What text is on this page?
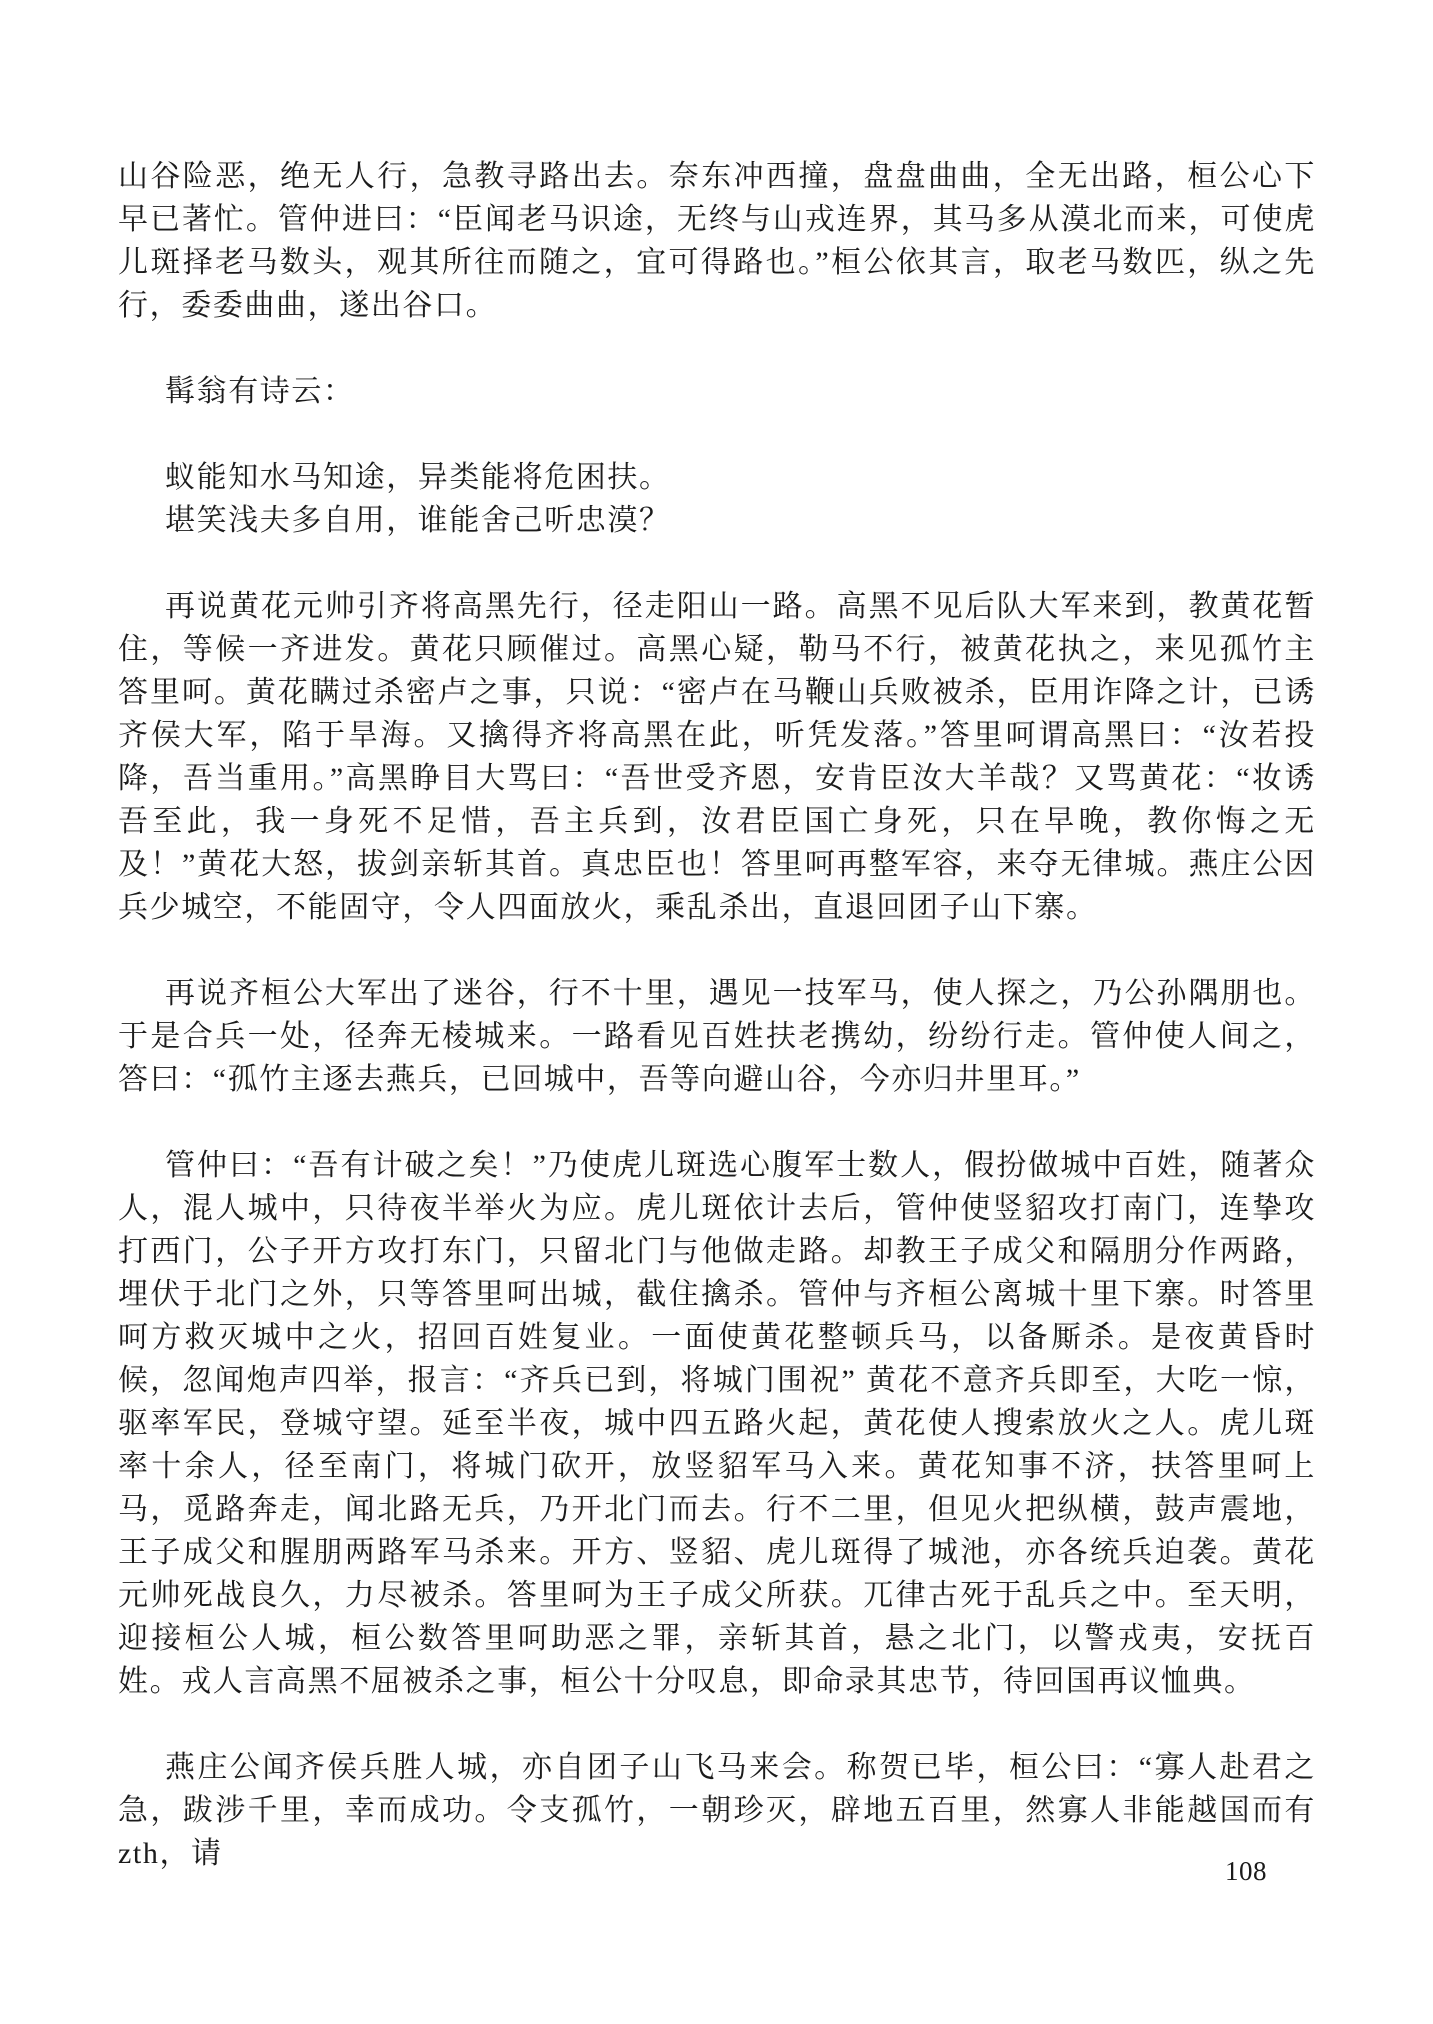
山谷险恶，绝无人行，急教寻路出去。奈东冲西撞，盘盘曲曲，全无出路，桓公心下早已著忙。管仲进曰：“臣闻老马识途，无终与山戎连界，其马多从漠北而来，可使虎儿斑择老马数头，观其所往而随之，宜可得路也。”桓公依其言，取老马数匹，纵之先行，委委曲曲，遂出谷口。

髯翁有诗云：

蚁能知水马知途，异类能将危困扶。

堪笑浅夫多自用，谁能舍己听忠漠？

再说黄花元帅引齐将高黑先行，径走阳山一路。高黑不见后队大军来到，教黄花暂住，等候一齐进发。黄花只顾催过。高黑心疑，勒马不行，被黄花执之，来见孤竹主答里呵。黄花瞒过杀密卢之事，只说：“密卢在马鞭山兵败被杀，臣用诈降之计，已诱齐侯大军，陷于旱海。又擒得齐将高黑在此，听凭发落。”答里呵谓高黑曰：“汝若投降，吾当重用。”高黑睁目大骂曰：“吾世受齐恩，安肯臣汝大羊哉？又骂黄花：“妆诱吾至此，我一身死不足惜，吾主兵到，汝君臣国亡身死，只在早晚，教你悔之无及！”黄花大怒，拔剑亲斩其首。真忠臣也！答里呵再整军容，来夺无律城。燕庄公因兵少城空，不能固守，令人四面放火，乘乱杀出，直退回团子山下寨。

再说齐桓公大军出了迷谷，行不十里，遇见一技军马，使人探之，乃公孙隅朋也。于是合兵一处，径奔无棱城来。一路看见百姓扶老携幼，纷纷行走。管仲使人间之，答曰：“孤竹主逐去燕兵，已回城中，吾等向避山谷，今亦归井里耳。”

管仲曰：“吾有计破之矣！”乃使虎儿斑选心腹军士数人，假扮做城中百姓，随著众人，混人城中，只待夜半举火为应。虎儿斑依计去后，管仲使竖貂攻打南门，连挚攻打西门，公子开方攻打东门，只留北门与他做走路。却教王子成父和隔朋分作两路，埋伏于北门之外，只等答里呵出城，截住擒杀。管仲与齐桓公离城十里下寨。时答里呵方救灭城中之火，招回百姓复业。一面使黄花整顿兵马，以备厮杀。是夜黄昏时候，忽闻炮声四举，报言：“齐兵已到，将城门围祝” 黄花不意齐兵即至，大吃一惊，驱率军民，登城守望。延至半夜，城中四五路火起，黄花使人搜索放火之人。虎儿斑率十余人，径至南门，将城门砍开，放竖貂军马入来。黄花知事不济，扶答里呵上马，觅路奔走，闻北路无兵，乃开北门而去。行不二里，但见火把纵横，鼓声震地，王子成父和腥朋两路军马杀来。开方、竖貂、虎儿斑得了城池，亦各统兵迫袭。黄花元帅死战良久，力尽被杀。答里呵为王子成父所获。兀律古死于乱兵之中。至天明，迎接桓公人城，桓公数答里呵助恶之罪，亲斩其首，悬之北门，以警戎夷，安抚百姓。戎人言高黑不屈被杀之事，桓公十分叹息，即命录其忠节，待回国再议恤典。

燕庄公闻齐侯兵胜人城，亦自团子山飞马来会。称贺已毕，桓公曰：“寡人赴君之急，跋涉千里，幸而成功。令支孤竹，一朝珍灭，辟地五百里，然寡人非能越国而有 zth，请

108
